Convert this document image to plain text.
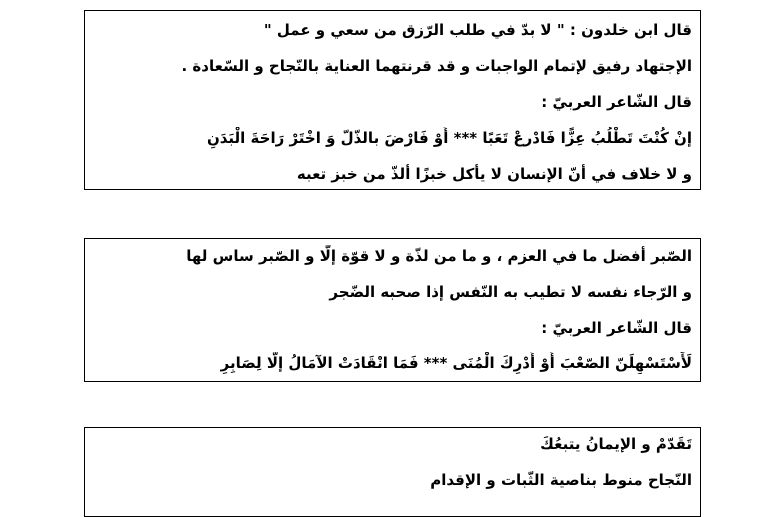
قال ابن خلدون : " لا بدّ في طلب الرّزق من سعي و عمل "
الإجتهاد رفيق لإتمام الواجبات و قد قرنتهما العناية بالنّجاح و السّعادة .
قال الشّاعر العربيّ :
إنْ كُنْتَ تَطْلُبُ عِزًّا فَادْرعْ تَعَبًا *** أَوْ فَارْضَ بالذّلّ وَ اخْتَرْ رَاحَةَ الْبَدَنِ
و لا خلاف في أنّ الإنسان لا يأكل خبزًا ألذّ من خبز تعبه
الصّبر أفضل ما في العزم ، و ما من لذّة و لا قوّة إلّا و الصّبر ساس لها
و الرّجاء نفسه لا تطيب به النّفس إذا صحبه الضّجر
قال الشّاعر العربيّ :
لَأَسْتَسْهِلَنّ الصّعْبَ أَوْ أُدْرِكَ الْمُنَى *** فَمَا انْقَادَتْ الآمَالُ إلّا لِصَابِرِ
تَقَدّمْ و الإيمانُ يتبعُكَ
النّجاح منوط بناصية الثّبات و الإقدام
